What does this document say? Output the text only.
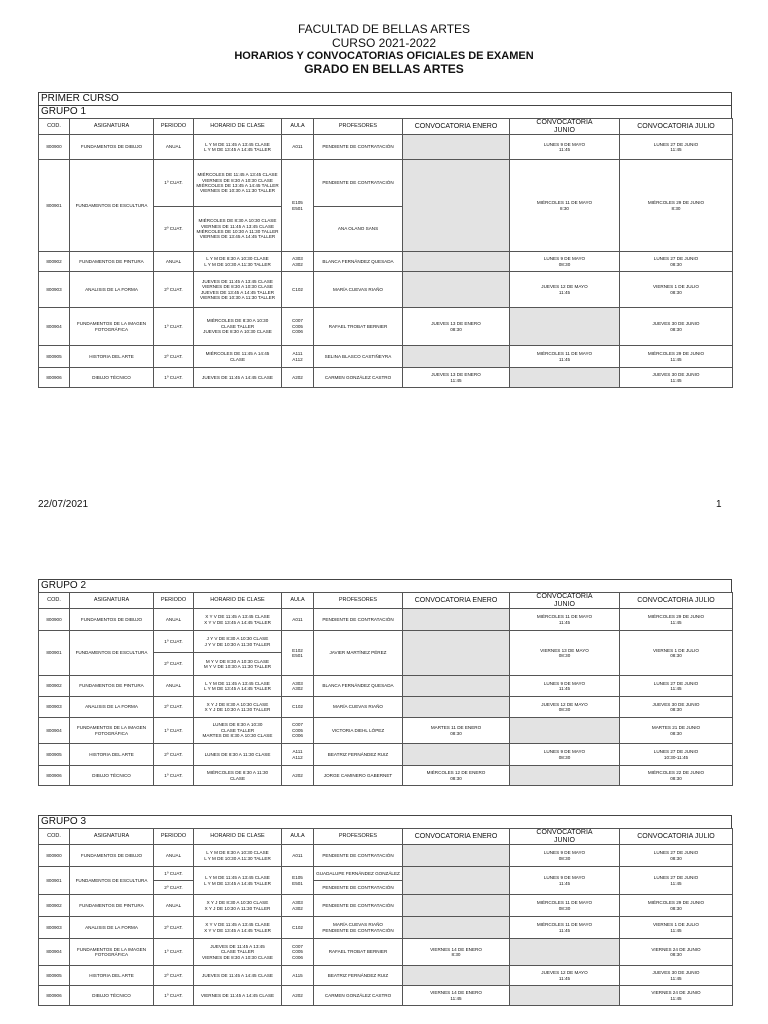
FACULTAD DE BELLAS ARTES
CURSO 2021-2022
HORARIOS Y CONVOCATORIAS OFICIALES DE EXAMEN
GRADO EN BELLAS ARTES
PRIMER CURSO
GRUPO 1
COD.	ASIGNATURA	PERIODO	HORARIO DE CLASE	AULA	PROFESORES	CONVOCATORIA ENERO	CONVOCATORIA
JUNIO	CONVOCATORIA JULIO
800900	FUNDAMENTOS DE DIBUJO	ANUAL	L Y M DE 11:45 A 13:45 CLASE
L Y M DE 13:45 A 14:45 TALLER	A011	PENDIENTE DE CONTRATACIÓN		LUNES 9 DE MAYO
11:45	LUNES 27 DE JUNIO
11:45
800901	FUNDAMENTOS DE ESCULTURA	1º CUAT.	MIÉRCOLES DE 11:45 A 13:45 CLASE
VIERNES DE 8:30 A 10:30 CLASE
MIÉRCOLES DE 13:45 A 14:45 TALLER
VIERNES DE 10:30 A 11:30 TALLER	E105
E501	PENDIENTE DE CONTRATACIÓN		MIÉRCOLES 11 DE MAYO
8:30	MIÉRCOLES 29 DE JUNIO
8:30
		2º CUAT.	MIÉRCOLES DE 8:30 A 10:30 CLASE
VIERNES DE 11:45 A 13:45 CLASE
MIÉRCOLES DE 10:30 A 11:30 TALLER
VIERNES DE 13:45 A 14:45 TALLER		ANA OLANO SANS			
800902	FUNDAMENTOS DE PINTURA	ANUAL	L Y M DE 8:30 A 10:30 CLASE
L Y M DE 10:30 A 11:30 TALLER	A303
A302	BLANCA FERNÁNDEZ QUESADA		LUNES 9 DE MAYO
08:30	LUNES 27 DE JUNIO
08:30
800903	ANALISIS DE LA FORMA	2º CUAT.	JUEVES DE 11:45 A 13:45 CLASE
VIERNES DE 8:30 A 10:30 CLASE
JUEVES DE 13:45 A 14:45 TALLER
VIERNES DE 10:30 A 11:30 TALLER	C102	MARÍA CUEVAS RIAÑO		JUEVES 12 DE MAYO
11:45	VIERNES 1 DE JULIO
08:30
800904	FUNDAMENTOS DE LA IMAGEN
FOTOGRÁFICA	1º CUAT.	MIÉRCOLES DE 8:30 A 10:30
CLASE TALLER
JUEVES DE 8:30 A 10:30 CLASE	C007
C005
C006	RAFAEL TROBAT BERNIER	JUEVES 13 DE ENERO
08:30		JUEVES 30 DE JUNIO
08:30
800905	HISTORIA DEL ARTE	2º CUAT.	MIÉRCOLES DE 11:45 A 14:45
CLASE	A111
A112	SELINA BLASCO CASTIÑEYRA		MIÉRCOLES 11 DE MAYO
11:45	MIÉRCOLES 29 DE JUNIO
11:45
800906	DIBUJO TÉCNICO	1º CUAT.	JUEVES DE 11:45 A 14:45 CLASE	A202	CARMEN GONZÁLEZ CASTRO	JUEVES 13 DE ENERO
11:45		JUEVES 30 DE JUNIO
11:45
22/07/2021	1
GRUPO 2
COD.	ASIGNATURA	PERIODO	HORARIO DE CLASE	AULA	PROFESORES	CONVOCATORIA ENERO	CONVOCATORIA
JUNIO	CONVOCATORIA JULIO
800900	FUNDAMENTOS DE DIBUJO	ANUAL	X Y V DE 11:45 A 13:45 CLASE
X Y V DE 13:45 A 14:45 TALLER	A011	PENDIENTE DE CONTRATACIÓN		MIÉRCOLES 11 DE MAYO
11:45	MIÉRCOLES 29 DE JUNIO
11:45
800901	FUNDAMENTOS DE ESCULTURA	1º CUAT.	J Y V DE 8:30 A 10:30 CLASE
J Y V DE 10:30 A 11:30 TALLER	E102
E501	JAVIER MARTÍNEZ PÉREZ		VIERNES 13 DE MAYO
08:30	VIERNES 1 DE JULIO
08:30
		2º CUAT.	M Y V DE 8:30 A 10:30 CLASE
M Y V DE 10:30 A 11:30 TALLER					
800902	FUNDAMENTOS DE PINTURA	ANUAL	L Y M DE 11:45 A 13:45 CLASE
L Y M DE 13:45 A 14:45 TALLER	A303
A302	BLANCA FERNÁNDEZ QUESADA		LUNES 9 DE MAYO
11:45	LUNES 27 DE JUNIO
11:45
800903	ANALISIS DE LA FORMA	2º CUAT.	X Y J DE 8:30 A 10:30 CLASE
X Y J DE 10:30 A 11:30 TALLER	C102	MARÍA CUEVAS RIAÑO		JUEVES 12 DE MAYO
08:30	JUEVES 30 DE JUNIO
08:30
800904	FUNDAMENTOS DE LA IMAGEN
FOTOGRÁFICA	1º CUAT.	LUNES DE 8:30 A 10:30
CLASE TALLER
MARTES DE 8:30 A 10:30 CLASE	C007
C005
C006	VICTORIA DIEHL LÓPEZ	MARTES 11 DE ENERO
08:30		MARTES 21 DE JUNIO
08:30
800905	HISTORIA DEL ARTE	2º CUAT.	LUNES DE 8:30 A 11:30 CLASE	A111
A112	BEATRIZ FERNÁNDEZ RUIZ		LUNES 9 DE MAYO
08:30	LUNES 27 DE JUNIO
10:30-11:45
800906	DIBUJO TÉCNICO	1º CUAT.	MIÉRCOLES DE 8:30 A 11:30
CLASE	A202	JORGE CAMINERO GABERNET	MIÉRCOLES 12 DE ENERO
08:30		MIÉRCOLES 22 DE JUNIO
08:30
GRUPO 3
COD.	ASIGNATURA	PERIODO	HORARIO DE CLASE	AULA	PROFESORES	CONVOCATORIA ENERO	CONVOCATORIA
JUNIO	CONVOCATORIA JULIO
800900	FUNDAMENTOS DE DIBUJO	ANUAL	L Y M DE 8:30 A 10:30 CLASE
L Y M DE 10:30 A 11:30 TALLER	A011	PENDIENTE DE CONTRATACIÓN		LUNES 9 DE MAYO
08:30	LUNES 27 DE JUNIO
08:30
800901	FUNDAMENTOS DE ESCULTURA	1º CUAT.	L Y M DE 11:45 A 13:45 CLASE
L Y M DE 13:45 A 14:45 TALLER	E105
E501	GUADALUPE FERNÁNDEZ GONZÁLEZ		LUNES 9 DE MAYO
11:45	LUNES 27 DE JUNIO
11:45
		2º CUAT.			PENDIENTE DE CONTRATACIÓN			
800902	FUNDAMENTOS DE PINTURA	ANUAL	X Y J DE 8:30 A 10:30 CLASE
X Y J DE 10:30 A 11:30 TALLER	A303
A302	PENDIENTE DE CONTRATACIÓN		MIÉRCOLES 11 DE MAYO
08:30	MIÉRCOLES 29 DE JUNIO
08:30
800903	ANALISIS DE LA FORMA	2º CUAT.	X Y V DE 11:45 A 13:45 CLASE
X Y V DE 13:45 A 14:45 TALLER	C102	MARÍA CUEVAS RIAÑO
PENDIENTE DE CONTRATACIÓN		MIÉRCOLES 11 DE MAYO
11:45	VIERNES 1 DE JULIO
11:45
800904	FUNDAMENTOS DE LA IMAGEN
FOTOGRÁFICA	1º CUAT.	JUEVES DE 11:45 A 13:45
CLASE TALLER
VIERNES DE 8:30 A 10:30 CLASE	C007
C005
C006	RAFAEL TROBAT BERNIER	VIERNES 14 DE ENERO
8:30		VIERNES 24 DE JUNIO
08:30
800905	HISTORIA DEL ARTE	2º CUAT.	JUEVES DE 11:45 A 14:45 CLASE	A115	BEATRIZ FERNÁNDEZ RUIZ		JUEVES 12 DE MAYO
11:45	JUEVES 30 DE JUNIO
11:45
800906	DIBUJO TÉCNICO	1º CUAT.	VIERNES DE 11:45 A 14:45 CLASE	A202	CARMEN GONZÁLEZ CASTRO	VIERNES 14 DE ENERO
11:45		VIERNES 24 DE JUNIO
11:45
